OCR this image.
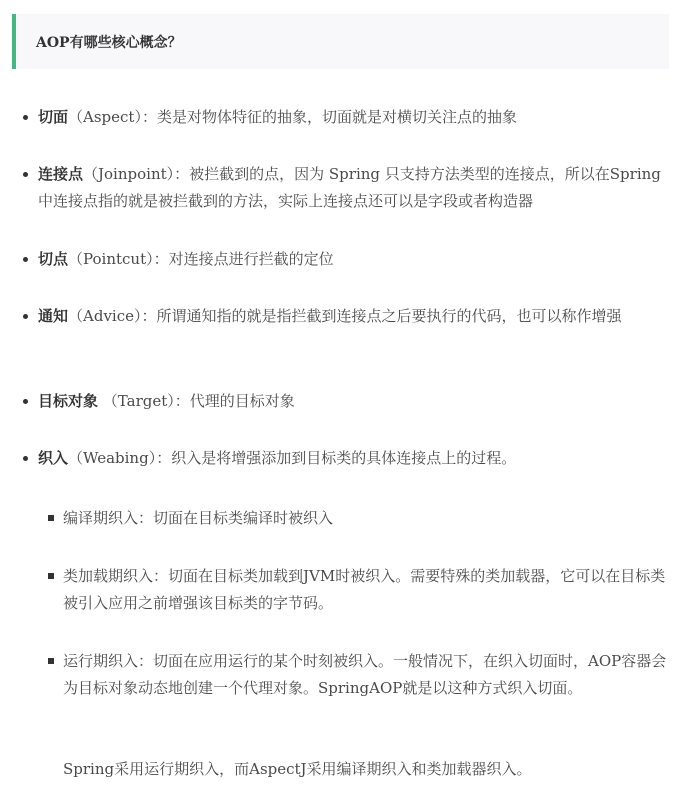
AOP有哪些核心概念？
切面（Aspect）：类是对物体特征的抽象，切面就是对横切关注点的抽象
连接点（Joinpoint）：被拦截到的点，因为 Spring 只支持方法类型的连接点，所以在Spring中连接点指的就是被拦截到的方法，实际上连接点还可以是字段或者构造器
切点（Pointcut）：对连接点进行拦截的定位
通知（Advice）：所谓通知指的就是指拦截到连接点之后要执行的代码，也可以称作增强
目标对象 （Target）：代理的目标对象
织入（Weabing）：织入是将增强添加到目标类的具体连接点上的过程。
编译期织入：切面在目标类编译时被织入
类加载期织入：切面在目标类加载到JVM时被织入。需要特殊的类加载器，它可以在目标类被引入应用之前增强该目标类的字节码。
运行期织入：切面在应用运行的某个时刻被织入。一般情况下，在织入切面时，AOP容器会为目标对象动态地创建一个代理对象。SpringAOP就是以这种方式织入切面。
Spring采用运行期织入，而AspectJ采用编译期织入和类加载器织入。
